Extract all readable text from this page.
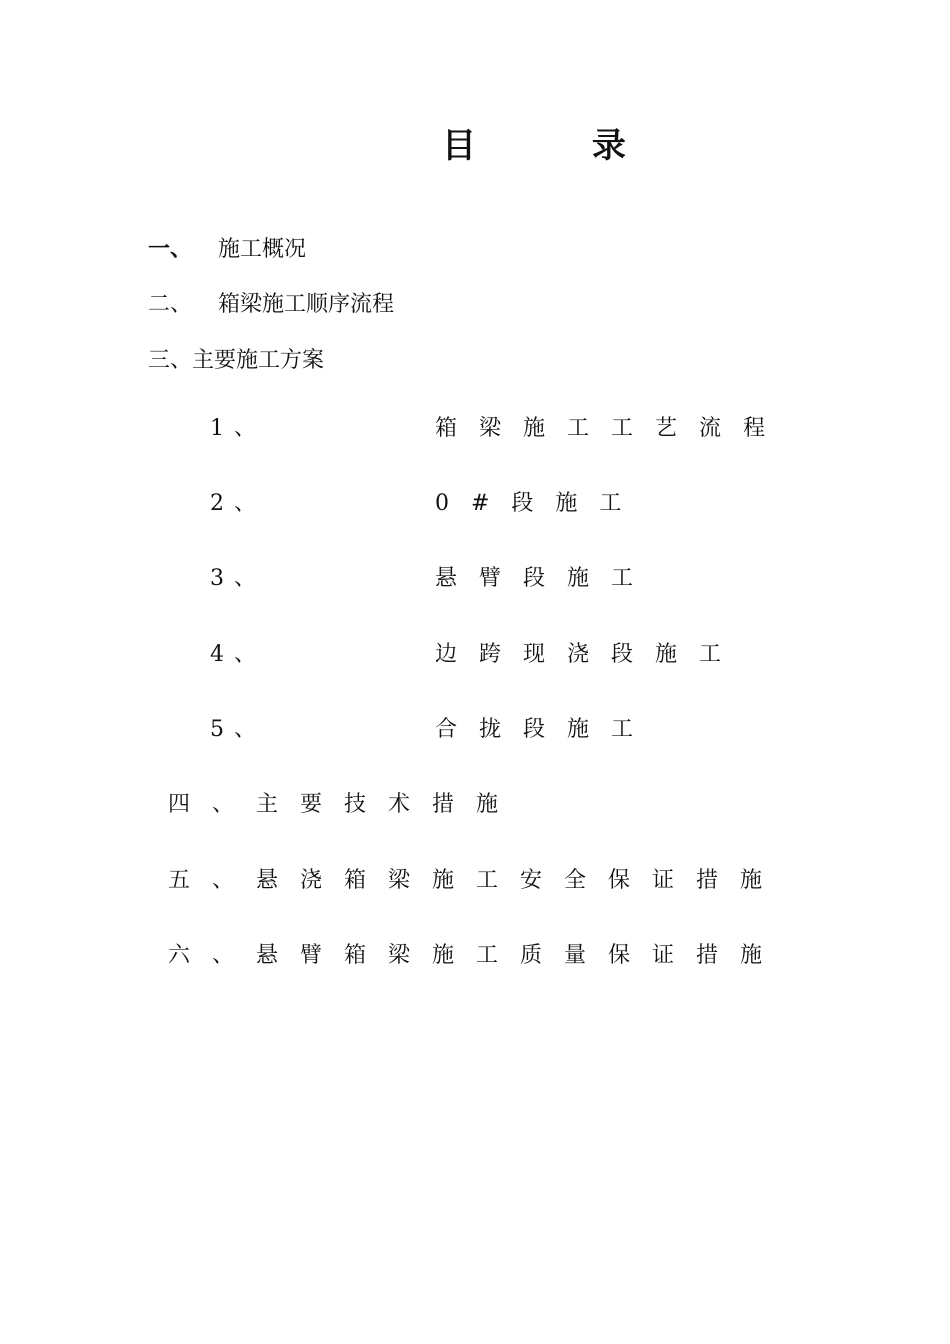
目 录
一、 施工概况
二、 箱梁施工顺序流程
三、主要施工方案
1、	箱梁施工工艺流程
2、	0#段施工
3、	悬臂段施工
4、	边跨现浇段施工
5、	合拢段施工
四、主要技术措施
五、悬浇箱梁施工安全保证措施
六、悬臂箱梁施工质量保证措施
